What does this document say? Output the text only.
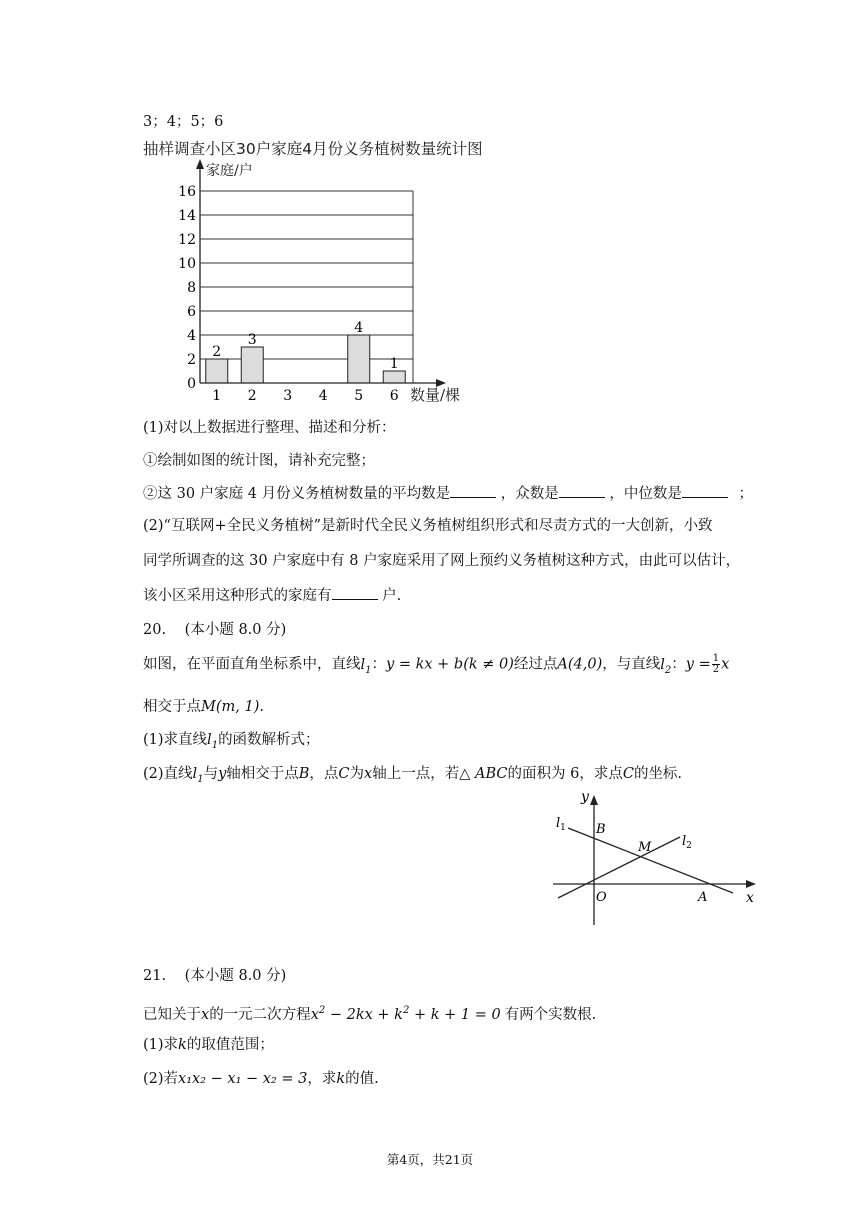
3；4；5；6
抽样调查小区30户家庭4月份义务植树数量统计图
家庭/户
数量/棵
2
3
4
1
0
2
4
6
8
10
12
14
16
1 2 3 4 5 6
(1)对以上数据进行整理、描述和分析：
①绘制如图的统计图，请补充完整；
②这 30 户家庭 4 月份义务植树数量的平均数是	，众数是	，中位数是	；
(2)“互联网+全民义务植树”是新时代全民义务植树组织形式和尽责方式的一大创新，小致
同学所调查的这 30 户家庭中有 8 户家庭采用了网上预约义务植树这种方式，由此可以估计，
该小区采用这种形式的家庭有	户.
20. (本小题 8.0 分)
如图，在平面直角坐标系中，直线$l_1$：y = kx + b(k ≠ 0)经过点A(4,0)，与直线$l_2$：$y = \frac{1}{2}$ x
相交于点M(m, 1).
(1)求直线$l_1$的函数解析式；
(2)直线$l_1$与y轴相交于点B，点C为x轴上一点，若△ ABC的面积为 6，求点C的坐标.
y
x
O	A
B
M
$l_1$
$l_2$
21. (本小题 8.0 分)
已知关于x的一元二次方程$x^2 - 2kx + k^2 + k + 1 = 0$ 有两个实数根.
(1)求k的取值范围；
(2)若x₁x₂ − x₁ − x₂ = 3，求k的值.
第4页，共21页
